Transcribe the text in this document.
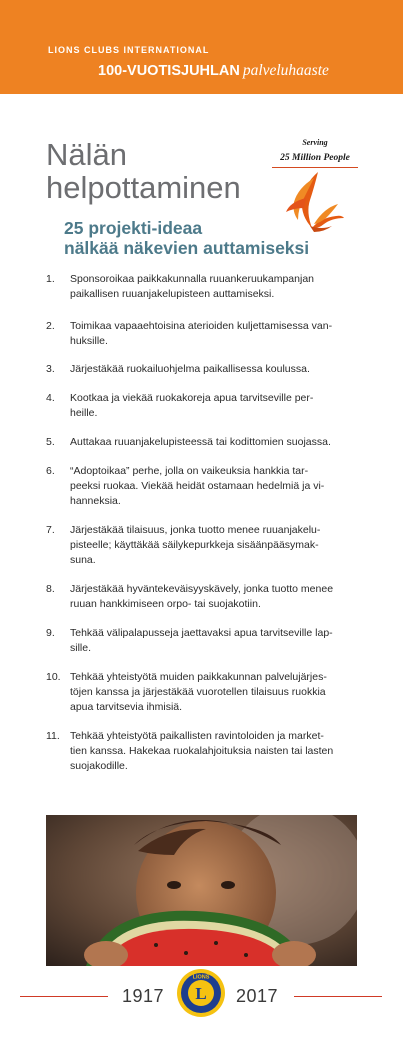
LIONS CLUBS INTERNATIONAL
100-VUOTISJUHLAN palveluhaaste
Nälän
helpottaminen
25 projekti-ideaa
nälkää näkevien auttamiseksi
Serving
25 Million People
1.	Sponsoroikaa paikkakunnalla ruuankeruukampanjan
paikallisen ruuanjakelupisteen auttamiseksi.
2.	Toimikaa vapaaehtoisina aterioiden kuljettamisessa van-
huksille.
3.	Järjestäkää ruokailuohjelma paikallisessa koulussa.
4.	Kootkaa ja viekää ruokakoreja apua tarvitseville per-
heille.
5.	Auttakaa ruuanjakelupisteessä tai kodittomien suojassa.
6.	“Adoptoikaa” perhe, jolla on vaikeuksia hankkia tar-
peeksi ruokaa. Viekää heidät ostamaan hedelmiä ja vi-
hanneksia.
7.	Järjestäkää tilaisuus, jonka tuotto menee ruuanjakelu-
pisteelle; käyttäkää säilykepurkkeja sisäänpääsymak-
suna.
8.	Järjestäkää hyväntekeväisyyskävely, jonka tuotto menee
ruuan hankkimiseen orpo- tai suojakotiin.
9.	Tehkää välipalapusseja jaettavaksi apua tarvitseville lap-
sille.
10. Tehkää yhteistyötä muiden paikkakunnan palvelujärjes-
töjen kanssa ja järjestäkää vuorotellen tilaisuus ruokkia
apua tarvitsevia ihmisiä.
11. Tehkää yhteistyötä paikallisten ravintoloiden ja market-
tien kanssa. Hakekaa ruokalahjoituksia naisten tai lasten
suojakodille.
1917 L
LIONS
2017
